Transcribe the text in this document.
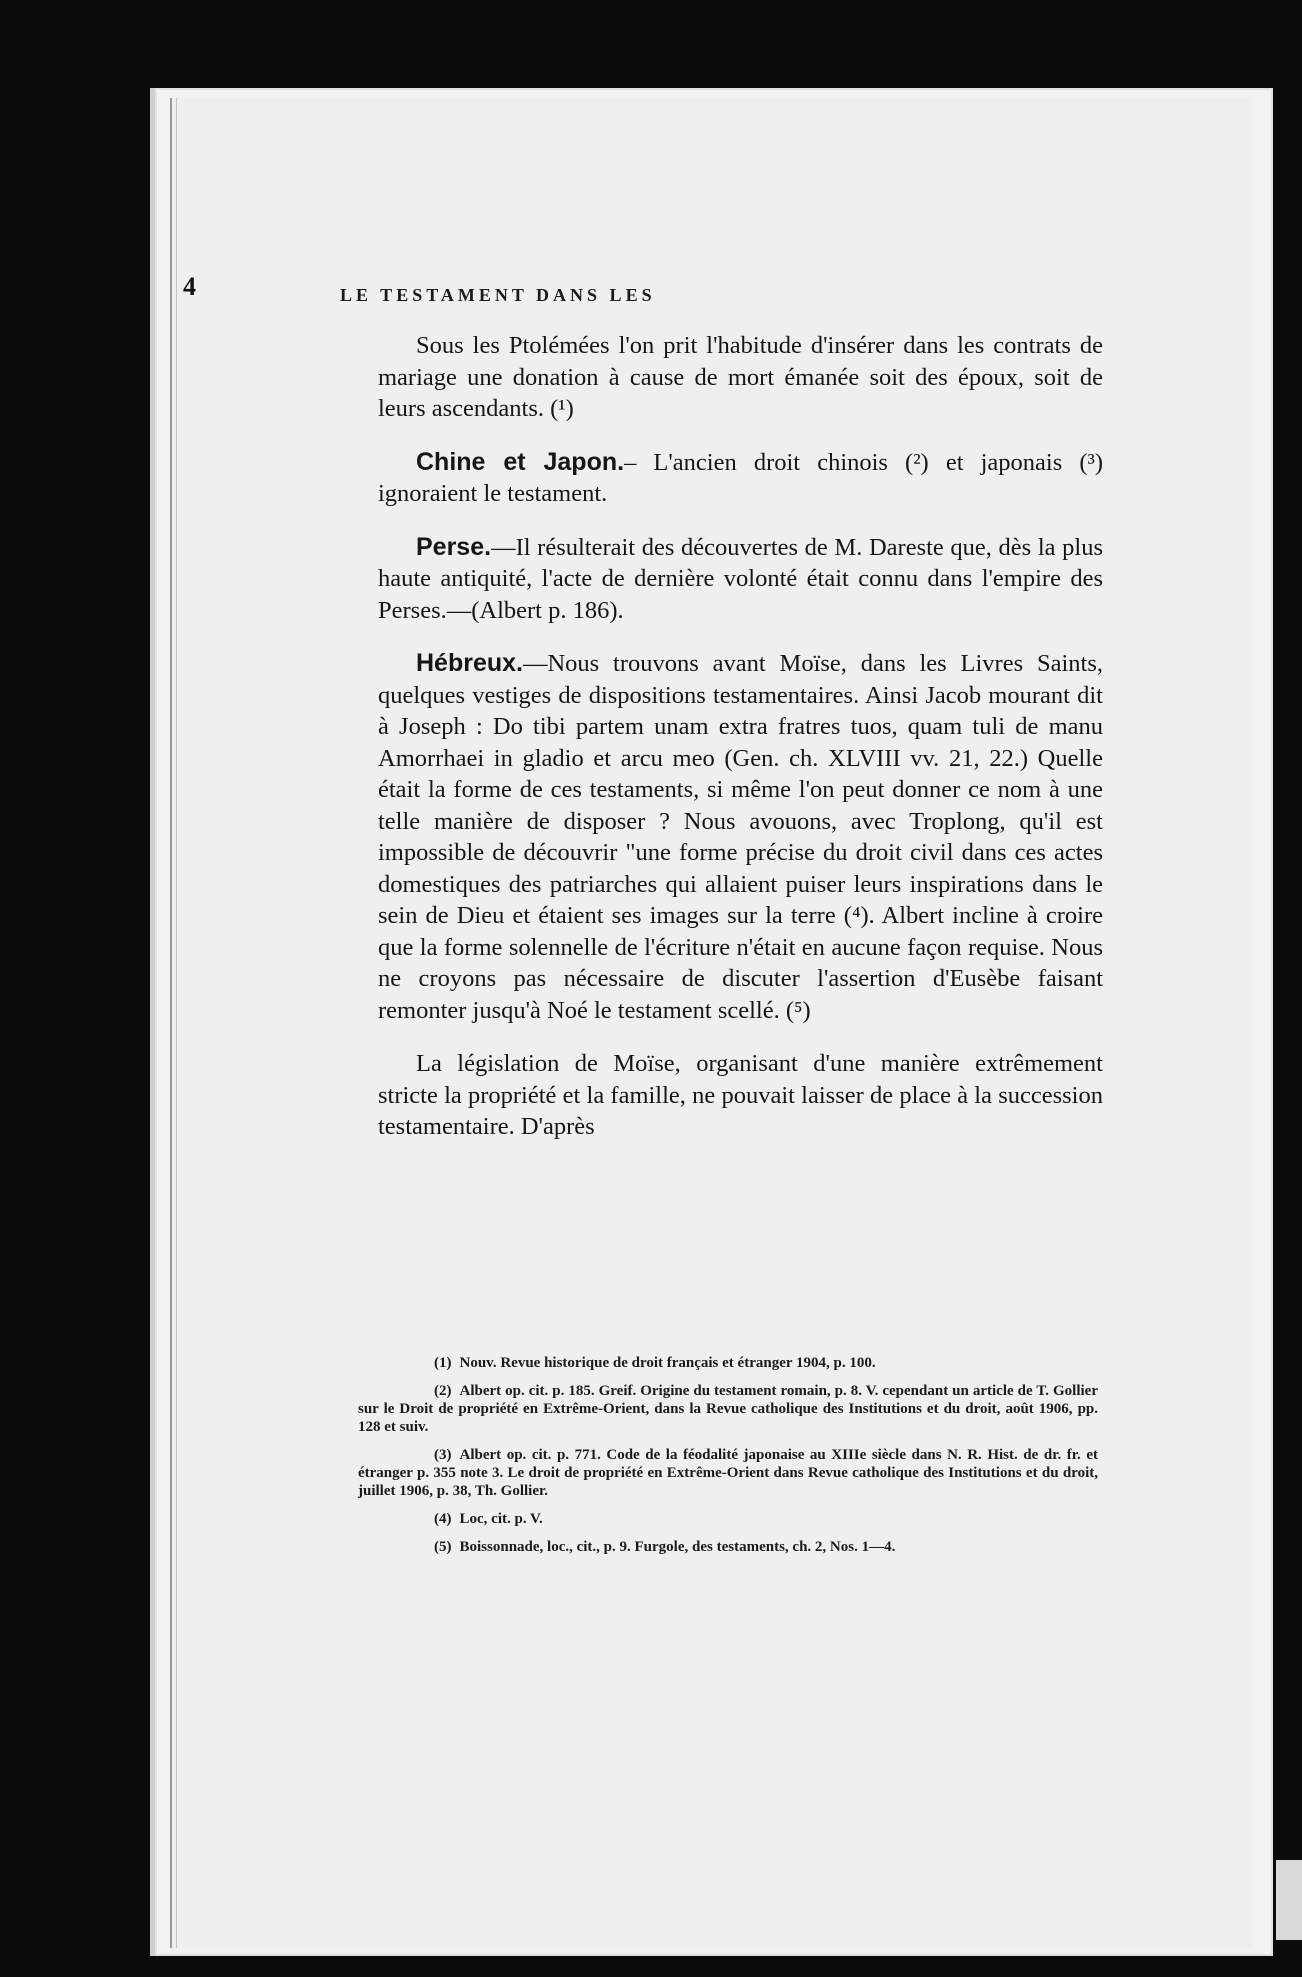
4	LE TESTAMENT DANS LES

Sous les Ptolémées l'on prit l'habitude d'insérer dans les contrats de mariage une donation à cause de mort émanée soit des époux, soit de leurs ascendants. (¹)

Chine et Japon.– L'ancien droit chinois (²) et japonais (³) ignoraient le testament.

Perse.—Il résulterait des découvertes de M. Dareste que, dès la plus haute antiquité, l'acte de dernière volonté était connu dans l'empire des Perses.—(Albert p. 186).

Hébreux.—Nous trouvons avant Moïse, dans les Livres Saints, quelques vestiges de dispositions testamentaires. Ainsi Jacob mourant dit à Joseph : Do tibi partem unam extra fratres tuos, quam tuli de manu Amorrhaei in gladio et arcu meo (Gen. ch. XLVIII vv. 21, 22.) Quelle était la forme de ces testaments, si même l'on peut donner ce nom à une telle manière de disposer ? Nous avouons, avec Troplong, qu'il est impossible de découvrir "une forme précise du droit civil dans ces actes domestiques des patriarches qui allaient puiser leurs inspirations dans le sein de Dieu et étaient ses images sur la terre (⁴). Albert incline à croire que la forme solennelle de l'écriture n'était en aucune façon requise. Nous ne croyons pas nécessaire de discuter l'assertion d'Eusèbe faisant remonter jusqu'à Noé le testament scellé. (⁵)

La législation de Moïse, organisant d'une manière extrêmement stricte la propriété et la famille, ne pouvait laisser de place à la succession testamentaire. D'après

(1) Nouv. Revue historique de droit français et étranger 1904, p. 100.

(2) Albert op. cit. p. 185. Greif. Origine du testament romain, p. 8. V. cependant un article de T. Gollier sur le Droit de propriété en Extrême-Orient, dans la Revue catholique des Institutions et du droit, août 1906, pp. 128 et suiv.

(3) Albert op. cit. p. 771. Code de la féodalité japonaise au XIIIe siècle dans N. R. Hist. de dr. fr. et étranger p. 355 note 3. Le droit de propriété en Extrême-Orient dans Revue catholique des Institutions et du droit, juillet 1906, p. 38, Th. Gollier.

(4) Loc, cit. p. V.

(5) Boissonnade, loc., cit., p. 9. Furgole, des testaments, ch. 2, Nos. 1—4.
